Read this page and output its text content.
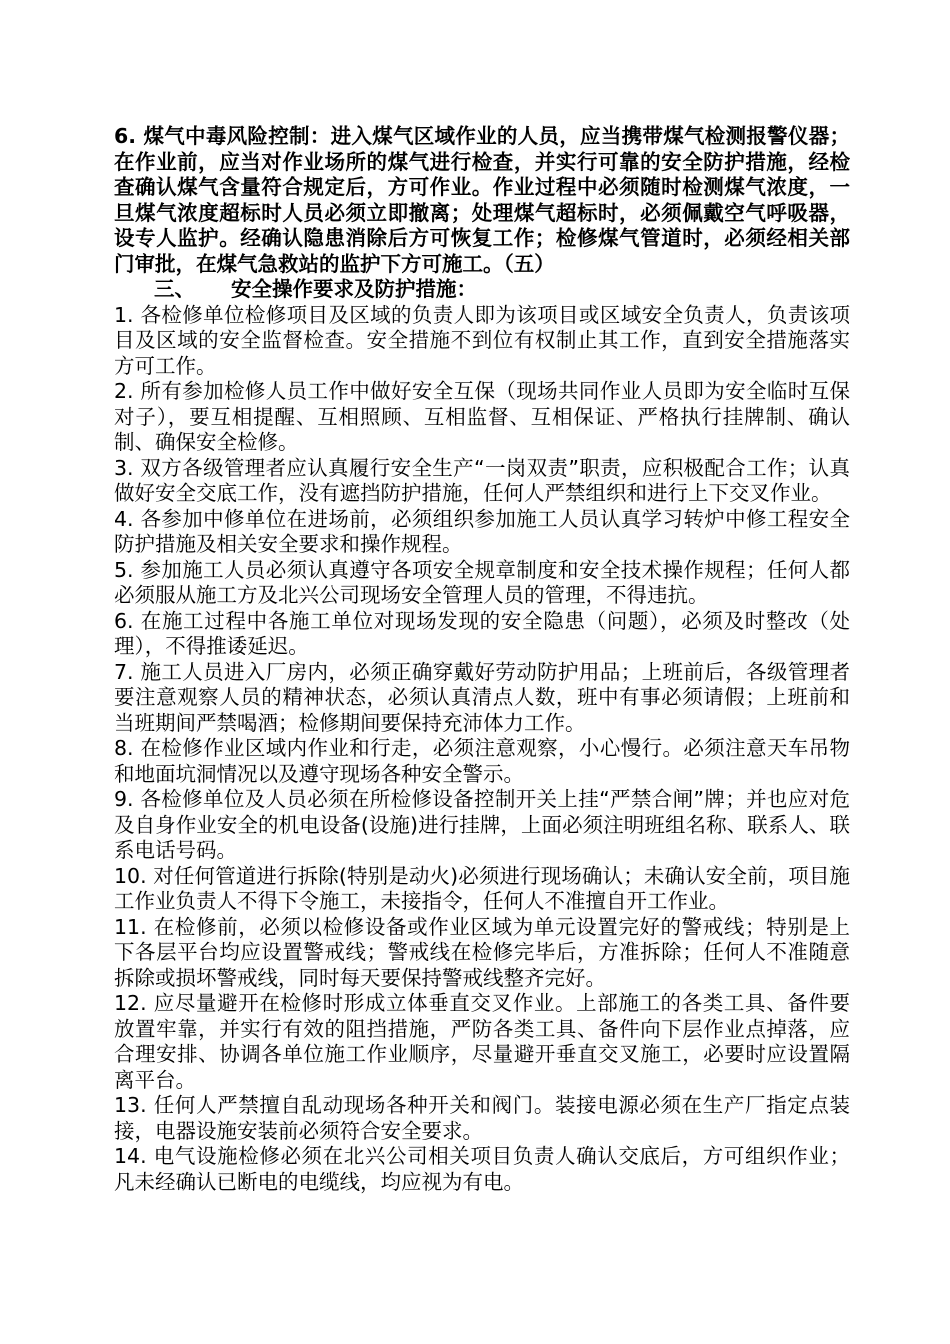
6. 煤气中毒风险控制：进入煤气区域作业的人员，应当携带煤气检测报警仪器；在作业前，应当对作业场所的煤气进行检查，并实行可靠的安全防护措施，经检查确认煤气含量符合规定后，方可作业。作业过程中必须随时检测煤气浓度，一旦煤气浓度超标时人员必须立即撤离；处理煤气超标时，必须佩戴空气呼吸器，设专人监护。经确认隐患消除后方可恢复工作；检修煤气管道时，必须经相关部门审批，在煤气急救站的监护下方可施工。（五）

三、 安全操作要求及防护措施：

1. 各检修单位检修项目及区域的负责人即为该项目或区域安全负责人，负责该项目及区域的安全监督检查。安全措施不到位有权制止其工作，直到安全措施落实方可工作。

2. 所有参加检修人员工作中做好安全互保（现场共同作业人员即为安全临时互保对子），要互相提醒、互相照顾、互相监督、互相保证、严格执行挂牌制、确认制、确保安全检修。

3. 双方各级管理者应认真履行安全生产“一岗双责”职责，应积极配合工作；认真做好安全交底工作，没有遮挡防护措施，任何人严禁组织和进行上下交叉作业。

4. 各参加中修单位在进场前，必须组织参加施工人员认真学习转炉中修工程安全防护措施及相关安全要求和操作规程。

5. 参加施工人员必须认真遵守各项安全规章制度和安全技术操作规程；任何人都必须服从施工方及北兴公司现场安全管理人员的管理，不得违抗。

6. 在施工过程中各施工单位对现场发现的安全隐患（问题），必须及时整改（处理），不得推诿延迟。

7. 施工人员进入厂房内，必须正确穿戴好劳动防护用品；上班前后，各级管理者要注意观察人员的精神状态，必须认真清点人数，班中有事必须请假；上班前和当班期间严禁喝酒；检修期间要保持充沛体力工作。

8. 在检修作业区域内作业和行走，必须注意观察，小心慢行。必须注意天车吊物和地面坑洞情况以及遵守现场各种安全警示。

9. 各检修单位及人员必须在所检修设备控制开关上挂“严禁合闸”牌；并也应对危及自身作业安全的机电设备(设施)进行挂牌，上面必须注明班组名称、联系人、联系电话号码。

10. 对任何管道进行拆除(特别是动火)必须进行现场确认；未确认安全前，项目施工作业负责人不得下令施工，未接指令，任何人不准擅自开工作业。

11. 在检修前，必须以检修设备或作业区域为单元设置完好的警戒线；特别是上下各层平台均应设置警戒线；警戒线在检修完毕后，方准拆除；任何人不准随意拆除或损坏警戒线，同时每天要保持警戒线整齐完好。

12. 应尽量避开在检修时形成立体垂直交叉作业。上部施工的各类工具、备件要放置牢靠，并实行有效的阻挡措施，严防各类工具、备件向下层作业点掉落，应合理安排、协调各单位施工作业顺序，尽量避开垂直交叉施工，必要时应设置隔离平台。

13. 任何人严禁擅自乱动现场各种开关和阀门。装接电源必须在生产厂指定点装接，电器设施安装前必须符合安全要求。

14. 电气设施检修必须在北兴公司相关项目负责人确认交底后，方可组织作业；凡未经确认已断电的电缆线，均应视为有电。
